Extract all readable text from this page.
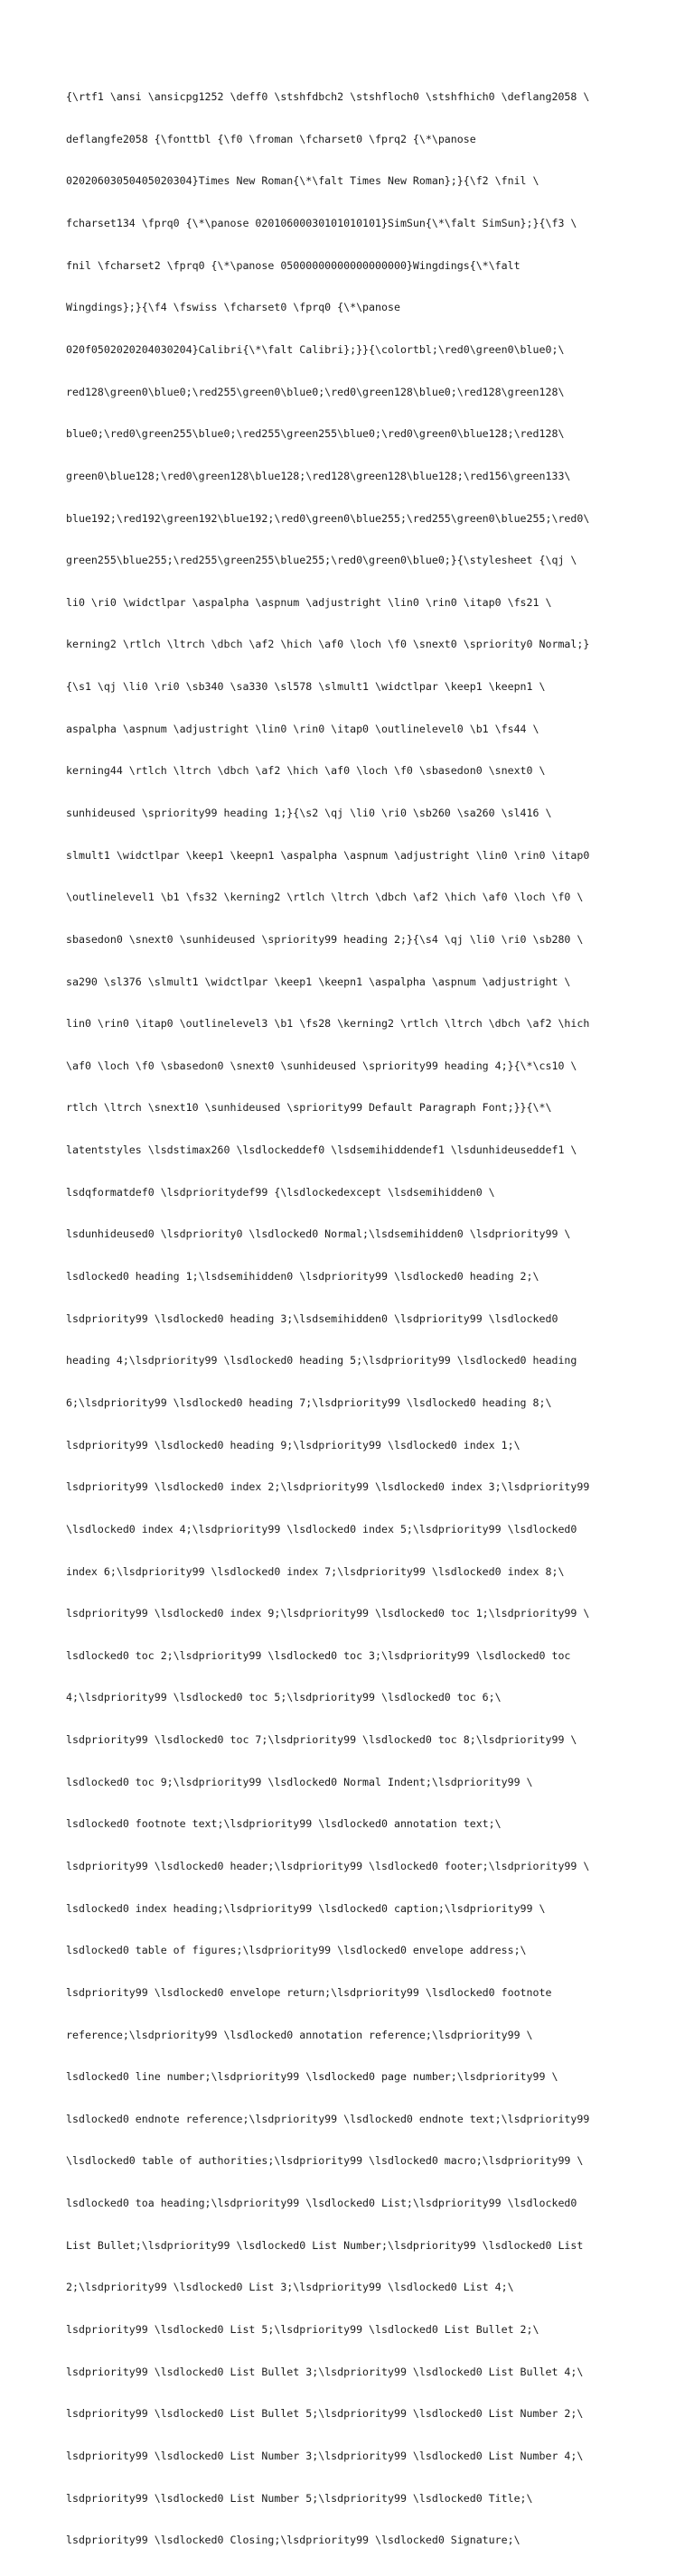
{\rtf1 \ansi \ansicpg1252 \deff0 \stshfdbch2 \stshfloch0 \stshfhich0 \deflang2058 \

deflangfe2058 {\fonttbl {\f0 \froman \fcharset0 \fprq2 {\*\panose

02020603050405020304}Times New Roman{\*\falt Times New Roman};}{\f2 \fnil \

fcharset134 \fprq0 {\*\panose 02010600030101010101}SimSun{\*\falt SimSun};}{\f3 \

fnil \fcharset2 \fprq0 {\*\panose 05000000000000000000}Wingdings{\*\falt

Wingdings};}{\f4 \fswiss \fcharset0 \fprq0 {\*\panose

020f0502020204030204}Calibri{\*\falt Calibri};}}{\colortbl;\red0\green0\blue0;\

red128\green0\blue0;\red255\green0\blue0;\red0\green128\blue0;\red128\green128\

blue0;\red0\green255\blue0;\red255\green255\blue0;\red0\green0\blue128;\red128\

green0\blue128;\red0\green128\blue128;\red128\green128\blue128;\red156\green133\

blue192;\red192\green192\blue192;\red0\green0\blue255;\red255\green0\blue255;\red0\

green255\blue255;\red255\green255\blue255;\red0\green0\blue0;}{\stylesheet {\qj \

li0 \ri0 \widctlpar \aspalpha \aspnum \adjustright \lin0 \rin0 \itap0 \fs21 \

kerning2 \rtlch \ltrch \dbch \af2 \hich \af0 \loch \f0 \snext0 \spriority0 Normal;}

{\s1 \qj \li0 \ri0 \sb340 \sa330 \sl578 \slmult1 \widctlpar \keep1 \keepn1 \

aspalpha \aspnum \adjustright \lin0 \rin0 \itap0 \outlinelevel0 \b1 \fs44 \

kerning44 \rtlch \ltrch \dbch \af2 \hich \af0 \loch \f0 \sbasedon0 \snext0 \

sunhideused \spriority99 heading 1;}{\s2 \qj \li0 \ri0 \sb260 \sa260 \sl416 \

slmult1 \widctlpar \keep1 \keepn1 \aspalpha \aspnum \adjustright \lin0 \rin0 \itap0

\outlinelevel1 \b1 \fs32 \kerning2 \rtlch \ltrch \dbch \af2 \hich \af0 \loch \f0 \

sbasedon0 \snext0 \sunhideused \spriority99 heading 2;}{\s4 \qj \li0 \ri0 \sb280 \

sa290 \sl376 \slmult1 \widctlpar \keep1 \keepn1 \aspalpha \aspnum \adjustright \

lin0 \rin0 \itap0 \outlinelevel3 \b1 \fs28 \kerning2 \rtlch \ltrch \dbch \af2 \hich

\af0 \loch \f0 \sbasedon0 \snext0 \sunhideused \spriority99 heading 4;}{\*\cs10 \

rtlch \ltrch \snext10 \sunhideused \spriority99 Default Paragraph Font;}}{\*\

latentstyles \lsdstimax260 \lsdlockeddef0 \lsdsemihiddendef1 \lsdunhideuseddef1 \

lsdqformatdef0 \lsdprioritydef99 {\lsdlockedexcept \lsdsemihidden0 \

lsdunhideused0 \lsdpriority0 \lsdlocked0 Normal;\lsdsemihidden0 \lsdpriority99 \

lsdlocked0 heading 1;\lsdsemihidden0 \lsdpriority99 \lsdlocked0 heading 2;\

lsdpriority99 \lsdlocked0 heading 3;\lsdsemihidden0 \lsdpriority99 \lsdlocked0

heading 4;\lsdpriority99 \lsdlocked0 heading 5;\lsdpriority99 \lsdlocked0 heading

6;\lsdpriority99 \lsdlocked0 heading 7;\lsdpriority99 \lsdlocked0 heading 8;\

lsdpriority99 \lsdlocked0 heading 9;\lsdpriority99 \lsdlocked0 index 1;\

lsdpriority99 \lsdlocked0 index 2;\lsdpriority99 \lsdlocked0 index 3;\lsdpriority99

\lsdlocked0 index 4;\lsdpriority99 \lsdlocked0 index 5;\lsdpriority99 \lsdlocked0

index 6;\lsdpriority99 \lsdlocked0 index 7;\lsdpriority99 \lsdlocked0 index 8;\

lsdpriority99 \lsdlocked0 index 9;\lsdpriority99 \lsdlocked0 toc 1;\lsdpriority99 \

lsdlocked0 toc 2;\lsdpriority99 \lsdlocked0 toc 3;\lsdpriority99 \lsdlocked0 toc

4;\lsdpriority99 \lsdlocked0 toc 5;\lsdpriority99 \lsdlocked0 toc 6;\

lsdpriority99 \lsdlocked0 toc 7;\lsdpriority99 \lsdlocked0 toc 8;\lsdpriority99 \

lsdlocked0 toc 9;\lsdpriority99 \lsdlocked0 Normal Indent;\lsdpriority99 \

lsdlocked0 footnote text;\lsdpriority99 \lsdlocked0 annotation text;\

lsdpriority99 \lsdlocked0 header;\lsdpriority99 \lsdlocked0 footer;\lsdpriority99 \

lsdlocked0 index heading;\lsdpriority99 \lsdlocked0 caption;\lsdpriority99 \

lsdlocked0 table of figures;\lsdpriority99 \lsdlocked0 envelope address;\

lsdpriority99 \lsdlocked0 envelope return;\lsdpriority99 \lsdlocked0 footnote

reference;\lsdpriority99 \lsdlocked0 annotation reference;\lsdpriority99 \

lsdlocked0 line number;\lsdpriority99 \lsdlocked0 page number;\lsdpriority99 \

lsdlocked0 endnote reference;\lsdpriority99 \lsdlocked0 endnote text;\lsdpriority99

\lsdlocked0 table of authorities;\lsdpriority99 \lsdlocked0 macro;\lsdpriority99 \

lsdlocked0 toa heading;\lsdpriority99 \lsdlocked0 List;\lsdpriority99 \lsdlocked0

List Bullet;\lsdpriority99 \lsdlocked0 List Number;\lsdpriority99 \lsdlocked0 List

2;\lsdpriority99 \lsdlocked0 List 3;\lsdpriority99 \lsdlocked0 List 4;\

lsdpriority99 \lsdlocked0 List 5;\lsdpriority99 \lsdlocked0 List Bullet 2;\

lsdpriority99 \lsdlocked0 List Bullet 3;\lsdpriority99 \lsdlocked0 List Bullet 4;\

lsdpriority99 \lsdlocked0 List Bullet 5;\lsdpriority99 \lsdlocked0 List Number 2;\

lsdpriority99 \lsdlocked0 List Number 3;\lsdpriority99 \lsdlocked0 List Number 4;\

lsdpriority99 \lsdlocked0 List Number 5;\lsdpriority99 \lsdlocked0 Title;\

lsdpriority99 \lsdlocked0 Closing;\lsdpriority99 \lsdlocked0 Signature;\
